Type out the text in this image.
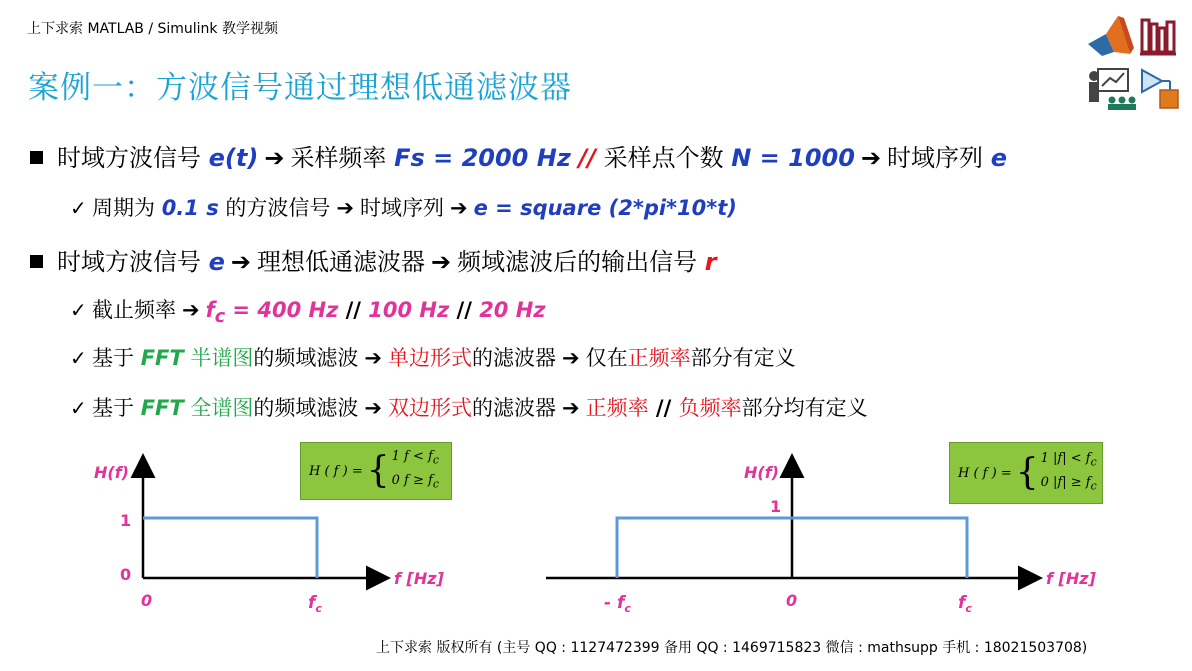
上下求索 MATLAB / Simulink 教学视频
案例一：方波信号通过理想低通滤波器
时域方波信号 e(t) ➔ 采样频率 Fs = 2000 Hz // 采样点个数 N = 1000 ➔ 时域序列 e
✓ 周期为 0.1 s 的方波信号 ➔ 时域序列 ➔ e = square (2*pi*10*t)
时域方波信号 e ➔ 理想低通滤波器 ➔ 频域滤波后的输出信号 r
✓ 截止频率 ➔ $f_c = 400$ Hz // 100 Hz // 20 Hz
✓ 基于 FFT 半谱图的频域滤波 ➔ 单边形式的滤波器 ➔ 仅在正频率部分有定义
✓ 基于 FFT 全谱图的频域滤波 ➔ 双边形式的滤波器 ➔ 正频率 // 负频率部分均有定义
H(f)
1
0
0	$f_c$
f [Hz]
H ( f ) = { 1 $f < f_c$
0 $f \ge f_c$
H(f)
1
- $f_c$	0	$f_c$
f [Hz]
H ( f ) = { 1 $|f| < f_c$
0 $|f| \ge f_c$
上下求索 版权所有 (主号 QQ : 1127472399 备用 QQ : 1469715823 微信 : mathsupp 手机 : 18021503708)
